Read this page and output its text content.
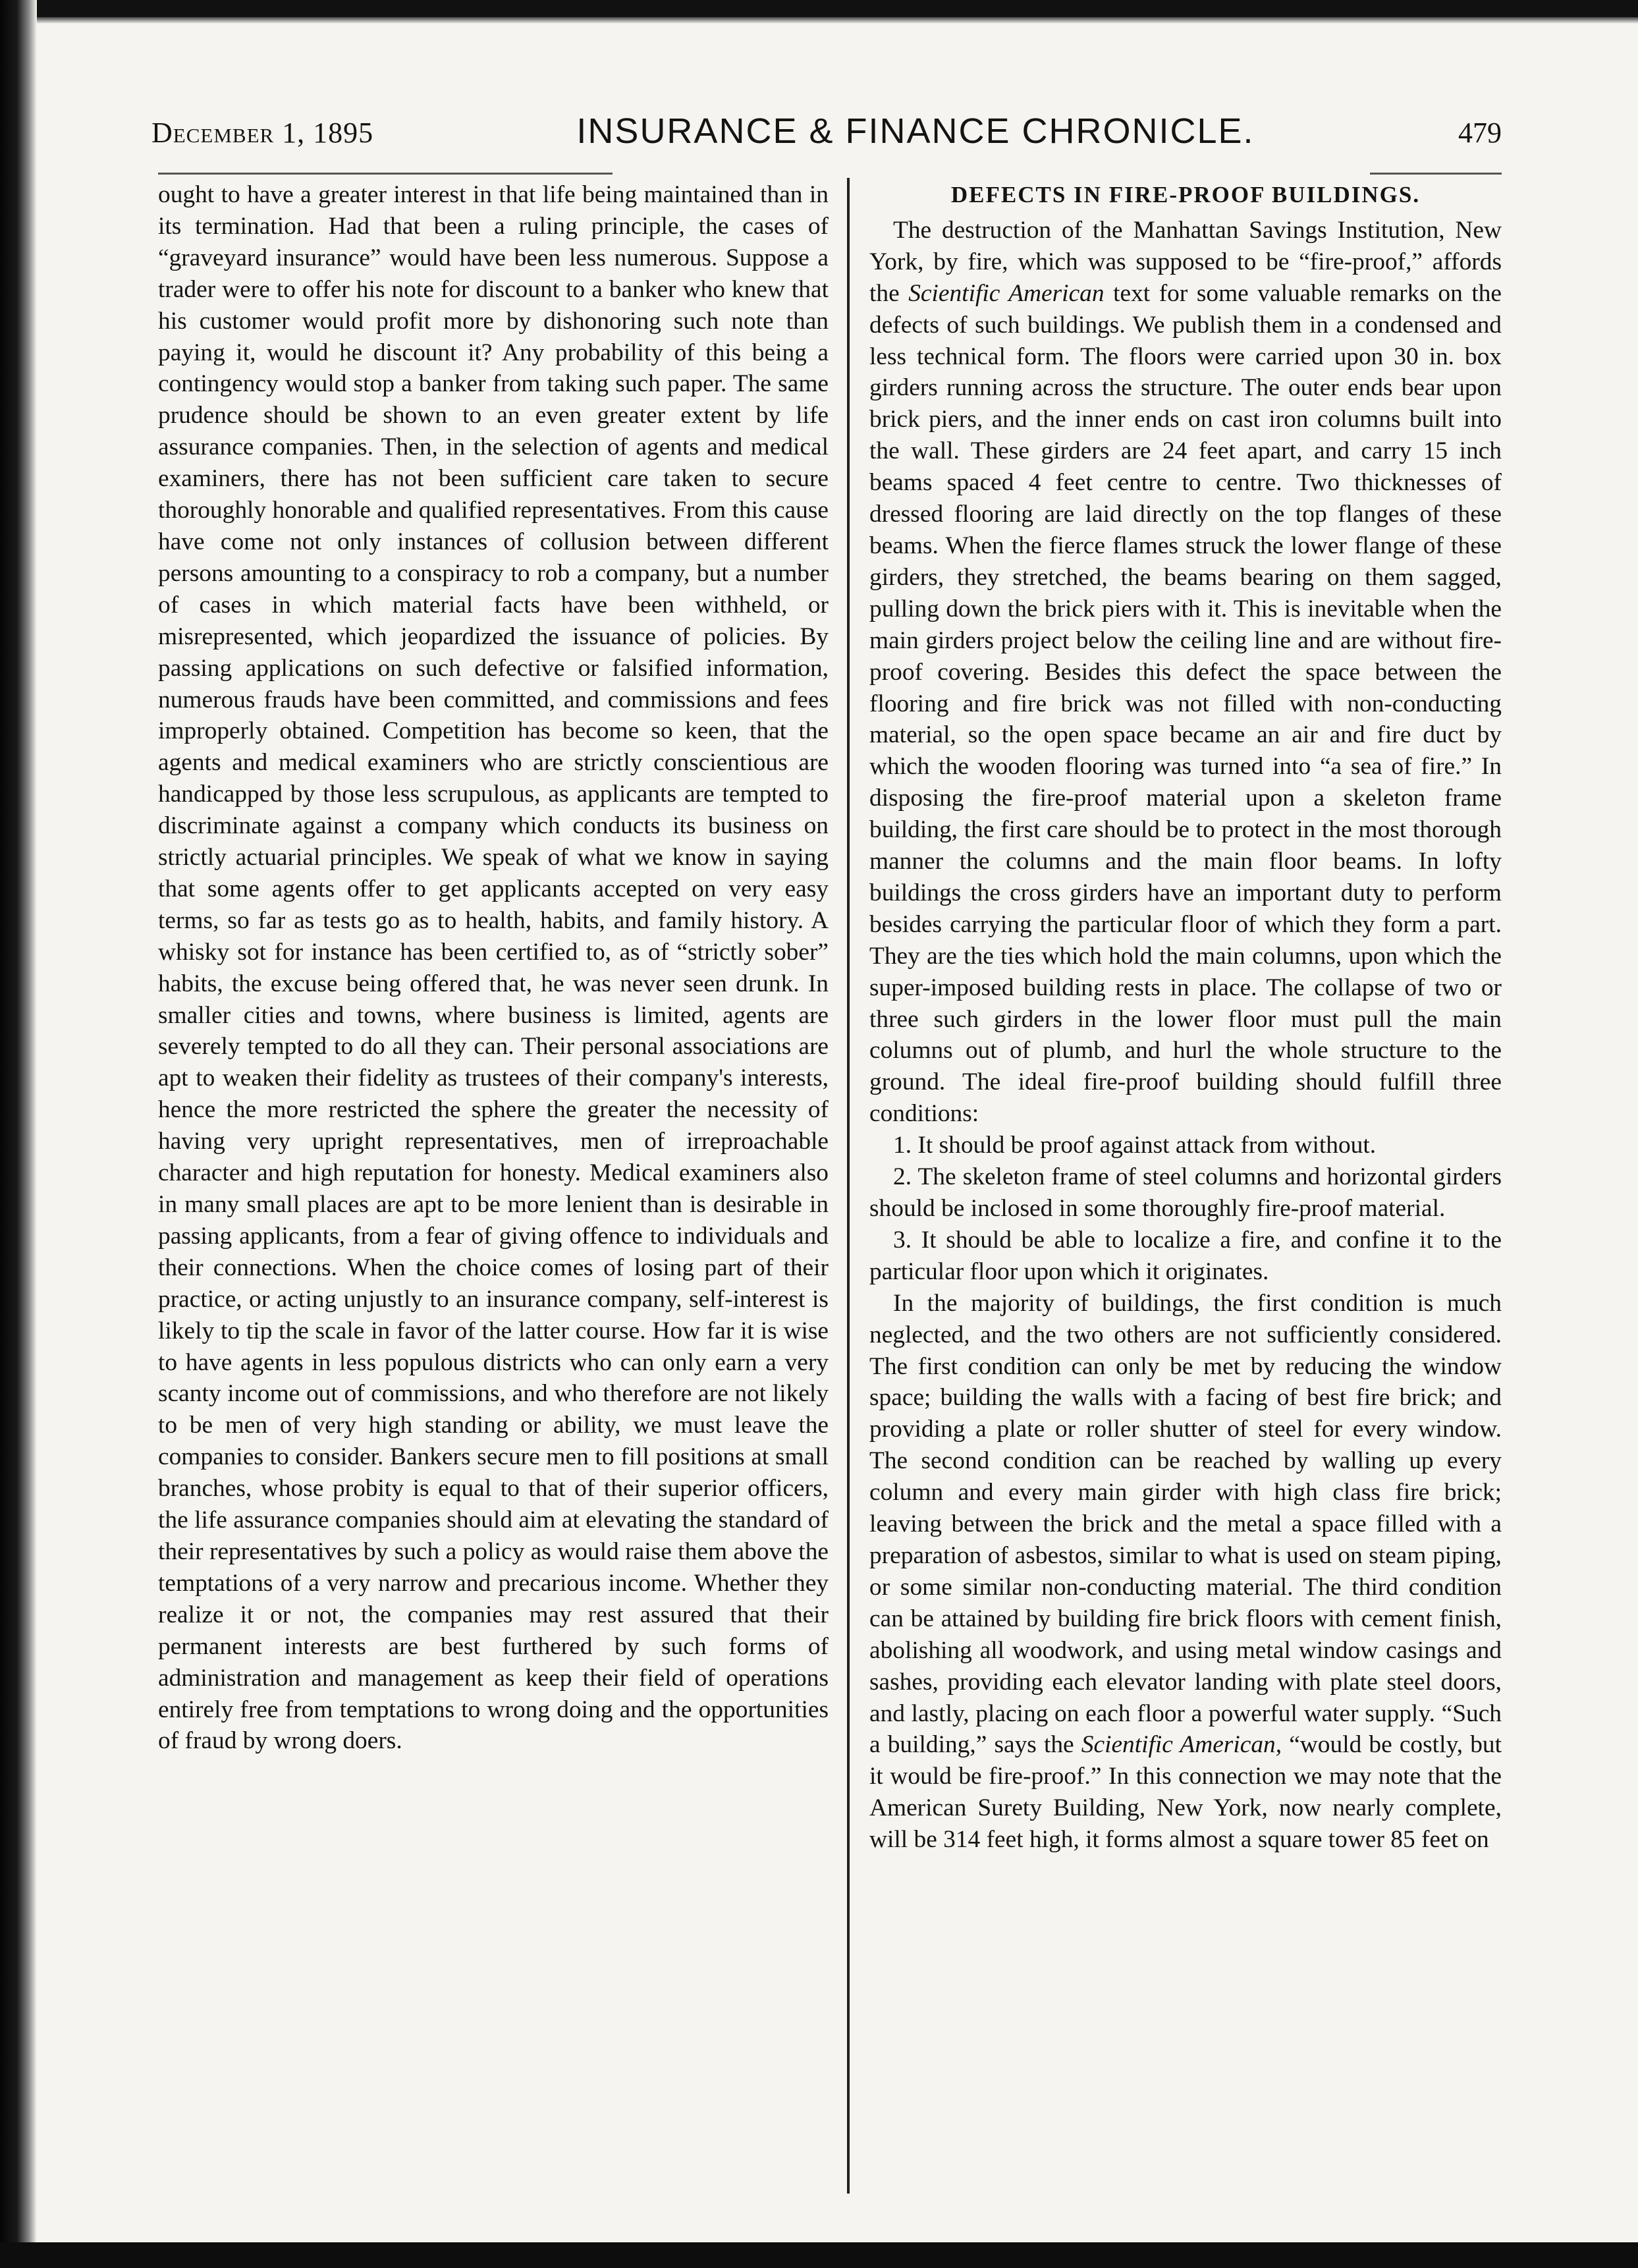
December 1, 1895	INSURANCE & FINANCE CHRONICLE.	479

ought to have a greater interest in that life being maintained than in its termination. Had that been a ruling principle, the cases of “graveyard insurance” would have been less numerous. Suppose a trader were to offer his note for discount to a banker who knew that his customer would profit more by dishonoring such note than paying it, would he discount it? Any probability of this being a contingency would stop a banker from taking such paper. The same prudence should be shown to an even greater extent by life assurance companies. Then, in the selection of agents and medical examiners, there has not been sufficient care taken to secure thoroughly honorable and qualified representatives. From this cause have come not only instances of collusion between different persons amounting to a conspiracy to rob a company, but a number of cases in which material facts have been withheld, or misrepresented, which jeopardized the issuance of policies. By passing applications on such defective or falsified information, numerous frauds have been committed, and commissions and fees improperly obtained. Competition has become so keen, that the agents and medical examiners who are strictly conscientious are handicapped by those less scrupulous, as applicants are tempted to discriminate against a company which conducts its business on strictly actuarial principles. We speak of what we know in saying that some agents offer to get applicants accepted on very easy terms, so far as tests go as to health, habits, and family history. A whisky sot for instance has been certified to, as of “strictly sober” habits, the excuse being offered that, he was never seen drunk. In smaller cities and towns, where business is limited, agents are severely tempted to do all they can. Their personal associations are apt to weaken their fidelity as trustees of their company's interests, hence the more restricted the sphere the greater the necessity of having very upright representatives, men of irreproachable character and high reputation for honesty. Medical examiners also in many small places are apt to be more lenient than is desirable in passing applicants, from a fear of giving offence to individuals and their connections. When the choice comes of losing part of their practice, or acting unjustly to an insurance company, self-interest is likely to tip the scale in favor of the latter course. How far it is wise to have agents in less populous districts who can only earn a very scanty income out of commissions, and who therefore are not likely to be men of very high standing or ability, we must leave the companies to consider. Bankers secure men to fill positions at small branches, whose probity is equal to that of their superior officers, the life assurance companies should aim at elevating the standard of their representatives by such a policy as would raise them above the temptations of a very narrow and precarious income. Whether they realize it or not, the companies may rest assured that their permanent interests are best furthered by such forms of administration and management as keep their field of operations entirely free from temptations to wrong doing and the opportunities of fraud by wrong doers.

DEFECTS IN FIRE-PROOF BUILDINGS.

The destruction of the Manhattan Savings Institution, New York, by fire, which was supposed to be “fire-proof,” affords the Scientific American text for some valuable remarks on the defects of such buildings. We publish them in a condensed and less technical form. The floors were carried upon 30 in. box girders running across the structure. The outer ends bear upon brick piers, and the inner ends on cast iron columns built into the wall. These girders are 24 feet apart, and carry 15 inch beams spaced 4 feet centre to centre. Two thicknesses of dressed flooring are laid directly on the top flanges of these beams. When the fierce flames struck the lower flange of these girders, they stretched, the beams bearing on them sagged, pulling down the brick piers with it. This is inevitable when the main girders project below the ceiling line and are without fire-proof covering. Besides this defect the space between the flooring and fire brick was not filled with non-conducting material, so the open space became an air and fire duct by which the wooden flooring was turned into “a sea of fire.” In disposing the fire-proof material upon a skeleton frame building, the first care should be to protect in the most thorough manner the columns and the main floor beams. In lofty buildings the cross girders have an important duty to perform besides carrying the particular floor of which they form a part. They are the ties which hold the main columns, upon which the super-imposed building rests in place. The collapse of two or three such girders in the lower floor must pull the main columns out of plumb, and hurl the whole structure to the ground. The ideal fire-proof building should fulfill three conditions:

1. It should be proof against attack from without.

2. The skeleton frame of steel columns and horizontal girders should be inclosed in some thoroughly fire-proof material.

3. It should be able to localize a fire, and confine it to the particular floor upon which it originates.

In the majority of buildings, the first condition is much neglected, and the two others are not sufficiently considered. The first condition can only be met by reducing the window space; building the walls with a facing of best fire brick; and providing a plate or roller shutter of steel for every window. The second condition can be reached by walling up every column and every main girder with high class fire brick; leaving between the brick and the metal a space filled with a preparation of asbestos, similar to what is used on steam piping, or some similar non-conducting material. The third condition can be attained by building fire brick floors with cement finish, abolishing all woodwork, and using metal window casings and sashes, providing each elevator landing with plate steel doors, and lastly, placing on each floor a powerful water supply. “Such a building,” says the Scientific American, “would be costly, but it would be fire-proof.” In this connection we may note that the American Surety Building, New York, now nearly complete, will be 314 feet high, it forms almost a square tower 85 feet on
